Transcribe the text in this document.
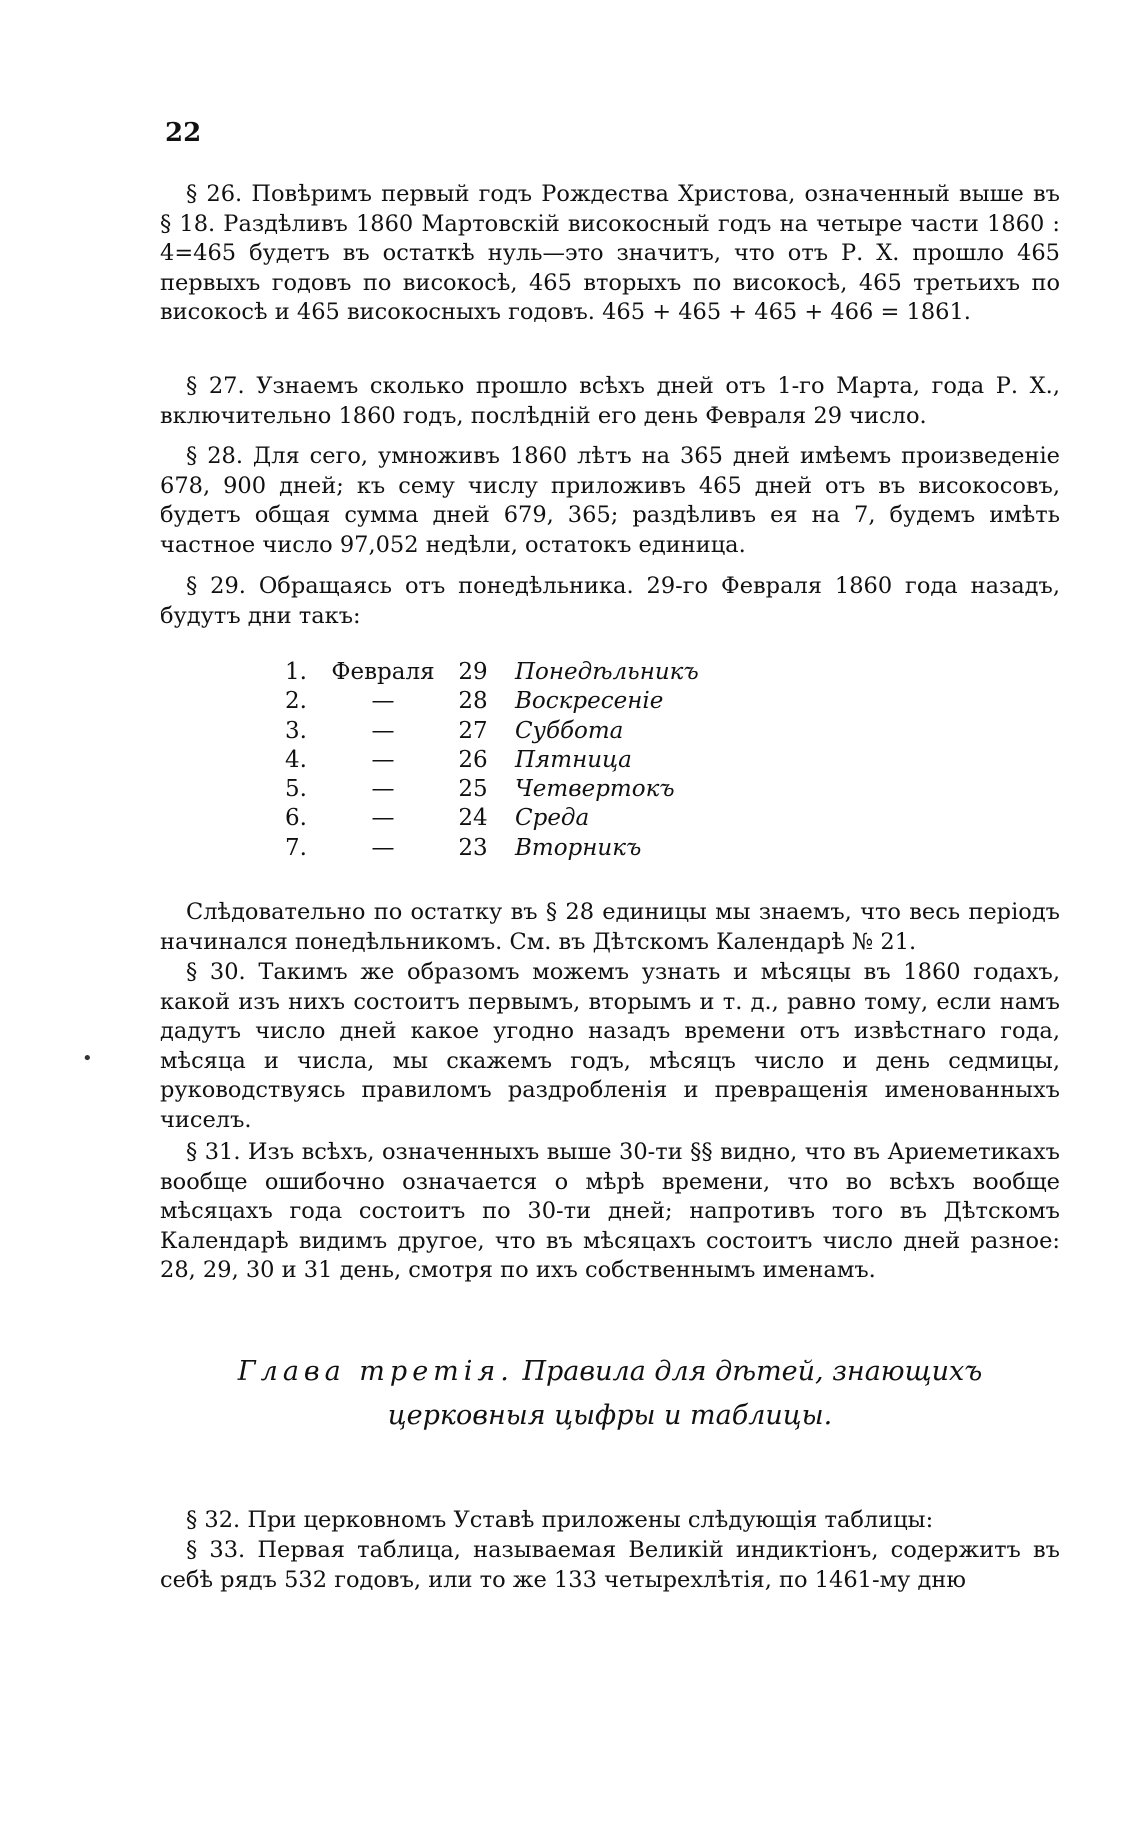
22

§ 26. Повѣримъ первый годъ Рождества Христова, означенный выше въ § 18. Раздѣливъ 1860 Мартовскій високосный годъ на четыре части 1860 : 4=465 будетъ въ остаткѣ нуль—это значитъ, что отъ Р. Х. прошло 465 первыхъ годовъ по високосѣ, 465 вторыхъ по високосѣ, 465 третьихъ по високосѣ и 465 високосныхъ годовъ. 465 + 465 + 465 + 466 = 1861.

§ 27. Узнаемъ сколько прошло всѣхъ дней отъ 1-го Марта, года Р. Х., включительно 1860 годъ, послѣдній его день Февраля 29 число.

§ 28. Для сего, умноживъ 1860 лѣтъ на 365 дней имѣемъ произведеніе 678, 900 дней; къ сему числу приложивъ 465 дней отъ въ високосовъ, будетъ общая сумма дней 679, 365; раздѣливъ ея на 7, будемъ имѣть частное число 97,052 недѣли, остатокъ единица.

§ 29. Обращаясь отъ понедѣльника. 29-го Февраля 1860 года назадъ, будутъ дни такъ:

1.	Февраля	29	Понедѣльникъ
2.	—	28	Воскресеніе
3.	—	27	Суббота
4.	—	26	Пятница
5.	—	25	Четвертокъ
6.	—	24	Среда
7.	—	23	Вторникъ

Слѣдовательно по остатку въ § 28 единицы мы знаемъ, что весь періодъ начинался понедѣльникомъ. См. въ Дѣтскомъ Календарѣ № 21.

§ 30. Такимъ же образомъ можемъ узнать и мѣсяцы въ 1860 годахъ, какой изъ нихъ состоитъ первымъ, вторымъ и т. д., равно тому, если намъ дадутъ число дней какое угодно назадъ времени отъ извѣстнаго года, мѣсяца и числа, мы скажемъ годъ, мѣсяцъ число и день седмицы, руководствуясь правиломъ раздробленія и превращенія именованныхъ чиселъ.

§ 31. Изъ всѣхъ, означенныхъ выше 30-ти §§ видно, что въ Ариеметикахъ вообще ошибочно означается о мѣрѣ времени, что во всѣхъ вообще мѣсяцахъ года состоитъ по 30-ти дней; напротивъ того въ Дѣтскомъ Календарѣ видимъ другое, что въ мѣсяцахъ состоитъ число дней разное: 28, 29, 30 и 31 день, смотря по ихъ собственнымъ именамъ.

Глава третія. Правила для дѣтей, знающихъ церковныя цыфры и таблицы.

§ 32. При церковномъ Уставѣ приложены слѣдующія таблицы:

§ 33. Первая таблица, называемая Великій индиктіонъ, содержитъ въ себѣ рядъ 532 годовъ, или то же 133 четырехлѣтія, по 1461-му дню

•
